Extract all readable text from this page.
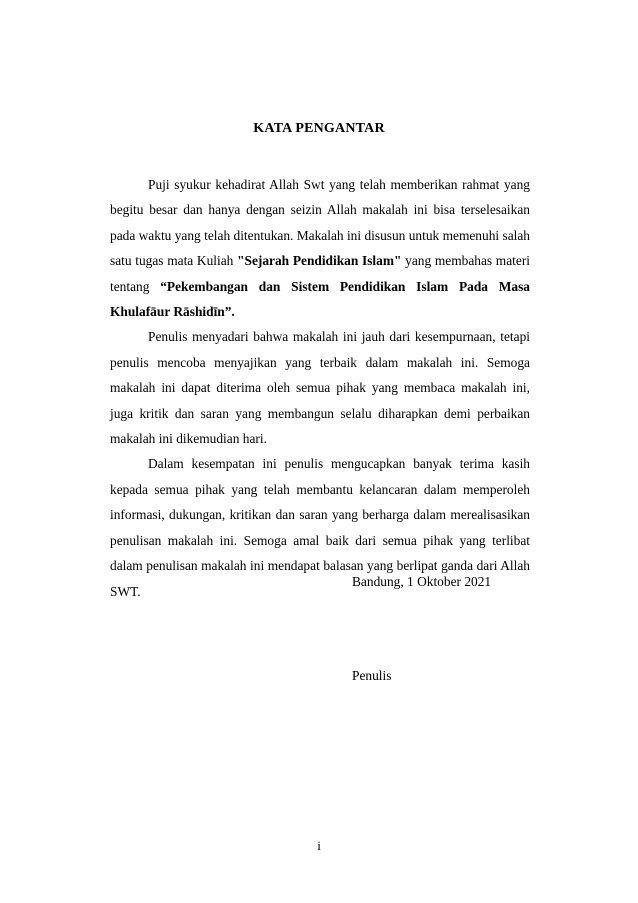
KATA PENGANTAR

Puji syukur kehadirat Allah Swt yang telah memberikan rahmat yang begitu besar dan hanya dengan seizin Allah makalah ini bisa terselesaikan pada waktu yang telah ditentukan. Makalah ini disusun untuk memenuhi salah satu tugas mata Kuliah "Sejarah Pendidikan Islam" yang membahas materi tentang “Pekembangan dan Sistem Pendidikan Islam Pada Masa Khulafāur Rāshidīn”.

Penulis menyadari bahwa makalah ini jauh dari kesempurnaan, tetapi penulis mencoba menyajikan yang terbaik dalam makalah ini. Semoga makalah ini dapat diterima oleh semua pihak yang membaca makalah ini, juga kritik dan saran yang membangun selalu diharapkan demi perbaikan makalah ini dikemudian hari.

Dalam kesempatan ini penulis mengucapkan banyak terima kasih kepada semua pihak yang telah membantu kelancaran dalam memperoleh informasi, dukungan, kritikan dan saran yang berharga dalam merealisasikan penulisan makalah ini. Semoga amal baik dari semua pihak yang terlibat dalam penulisan makalah ini mendapat balasan yang berlipat ganda dari Allah SWT.

Bandung, 1 Oktober 2021
Penulis
i
